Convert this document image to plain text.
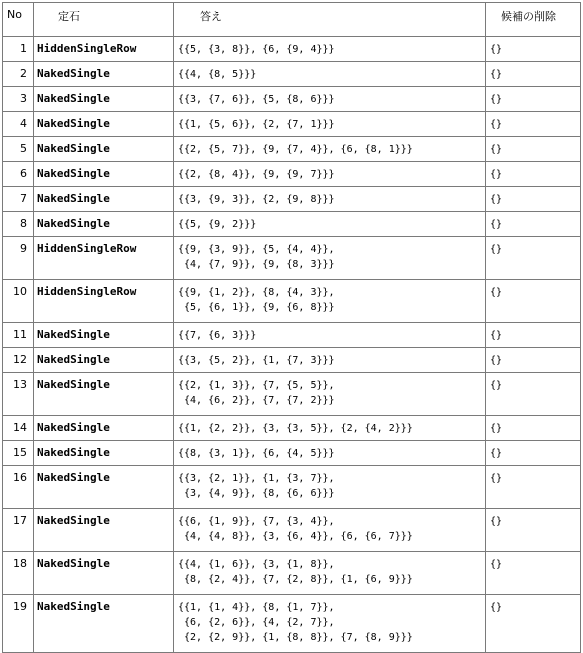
No	定石	答え	候補の削除
1	HiddenSingleRow	{{5, {3, 8}}, {6, {9, 4}}}	{}
2	NakedSingle	{{4, {8, 5}}}	{}
3	NakedSingle	{{3, {7, 6}}, {5, {8, 6}}}	{}
4	NakedSingle	{{1, {5, 6}}, {2, {7, 1}}}	{}
5	NakedSingle	{{2, {5, 7}}, {9, {7, 4}}, {6, {8, 1}}}	{}
6	NakedSingle	{{2, {8, 4}}, {9, {9, 7}}}	{}
7	NakedSingle	{{3, {9, 3}}, {2, {9, 8}}}	{}
8	NakedSingle	{{5, {9, 2}}}	{}
9	HiddenSingleRow	{{9, {3, 9}}, {5, {4, 4}},
{4, {7, 9}}, {9, {8, 3}}}	{}
10	HiddenSingleRow	{{9, {1, 2}}, {8, {4, 3}},
{5, {6, 1}}, {9, {6, 8}}}	{}
11	NakedSingle	{{7, {6, 3}}}	{}
12	NakedSingle	{{3, {5, 2}}, {1, {7, 3}}}	{}
13	NakedSingle	{{2, {1, 3}}, {7, {5, 5}},
{4, {6, 2}}, {7, {7, 2}}}	{}
14	NakedSingle	{{1, {2, 2}}, {3, {3, 5}}, {2, {4, 2}}}	{}
15	NakedSingle	{{8, {3, 1}}, {6, {4, 5}}}	{}
16	NakedSingle	{{3, {2, 1}}, {1, {3, 7}},
{3, {4, 9}}, {8, {6, 6}}}	{}
17	NakedSingle	{{6, {1, 9}}, {7, {3, 4}},
{4, {4, 8}}, {3, {6, 4}}, {6, {6, 7}}}	{}
18	NakedSingle	{{4, {1, 6}}, {3, {1, 8}},
{8, {2, 4}}, {7, {2, 8}}, {1, {6, 9}}}	{}
19	NakedSingle	{{1, {1, 4}}, {8, {1, 7}},
{6, {2, 6}}, {4, {2, 7}},
{2, {2, 9}}, {1, {8, 8}}, {7, {8, 9}}}	{}
